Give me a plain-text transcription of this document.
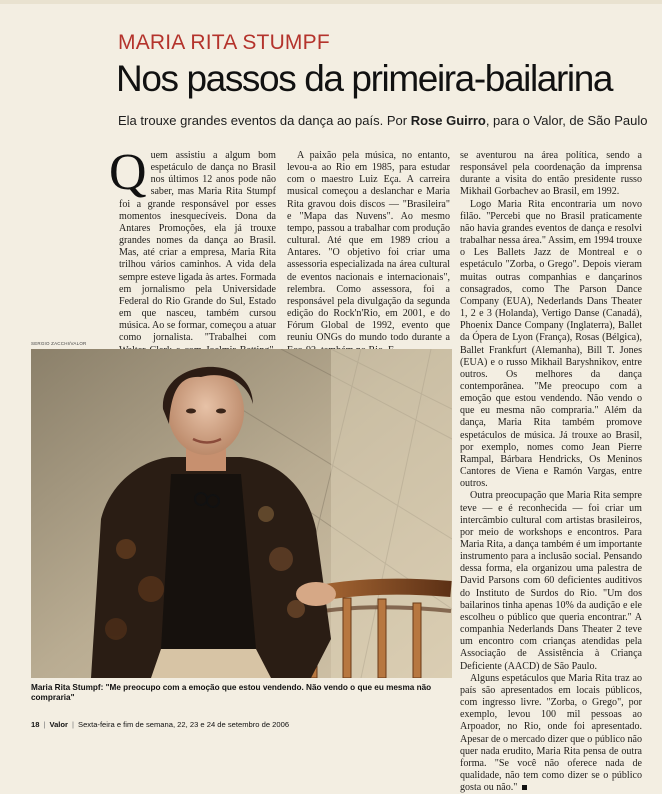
MARIA RITA STUMPF
Nos passos da primeira-bailarina
Ela trouxe grandes eventos da dança ao país. Por Rose Guirro, para o Valor, de São Paulo

Quem assistiu a algum bom espetáculo de dança no Brasil nos últimos 12 anos pode não saber, mas Maria Rita Stumpf foi a grande responsável por esses momentos inesquecíveis. Dona da Antares Promoções, ela já trouxe grandes nomes da dança ao Brasil. Mas, até criar a empresa, Maria Rita trilhou vários caminhos. A vida dela sempre esteve ligada às artes. Formada em jornalismo pela Universidade Federal do Rio Grande do Sul, Estado em que nasceu, também cursou música. Ao se formar, começou a atuar como jornalista. "Trabalhei com

A paixão pela música, no entanto, levou-a ao Rio em 1985, para estudar com o maestro Luiz Eça. A carreira musical começou a deslanchar e Maria Rita gravou dois discos — "Brasileira" e "Mapa das Nuvens". Ao mesmo tempo, passou a trabalhar com produção cultural. Até que em 1989 criou a Antares. "O objetivo foi criar uma assessoria especializada na área cultural de eventos nacionais e internacionais", relembra. Como assessora, foi a responsável pela divulgação da segunda edição do Rock'n'Rio, em 2001, e do Fórum Global de 1992, evento que reuniu ONGs do mundo todo durante a

se aventurou na área política, sendo a responsável pela coordenação da imprensa durante a visita do então presidente russo Mikhail Gorbachev ao Brasil, em 1992.

Logo Maria Rita encontraria um novo filão. "Percebi que no Brasil praticamente não havia grandes eventos de dança e resolvi trabalhar nessa área." Assim, em 1994 trouxe o Les Ballets Jazz de Montreal e o espetáculo "Zorba, o Grego". Depois vieram muitas outras companhias e dançarinos consagrados, como The Parson Dance Company (EUA), Nederlands Dans Theater 1, 2 e 3 (Holanda), Vertigo Danse (Canadá), Phoenix Dance Company (Inglaterra), Ballet da Ópera de Lyon (França), Rosas (Bélgica), Ballet Frankfurt (Alemanha), Bill T. Jones (EUA) e o russo Mikhail Baryshnikov, entre outros. Os melhores da dança contemporânea. "Me preocupo com a emoção que estou vendendo. Não vendo o que eu mesma não compraria." Além da dança, Maria Rita também promove espetáculos de música. Já trouxe ao Brasil, por exemplo, nomes como Jean Pierre Rampal, Bárbara Hendricks, Os Meninos Cantores de Viena e Ramón Vargas, entre outros.

Outra preocupação que Maria Rita sempre teve — e é reconhecida — foi criar um intercâmbio cultural com artistas brasileiros, por meio de workshops e encontros. Para Maria Rita, a dança também é um importante instrumento para a inclusão social. Pensando dessa forma, ela organizou uma palestra de David Parsons com 60 deficientes auditivos do Instituto de Surdos do Rio. "Um dos bailarinos tinha apenas 10% da audição e ele escolheu o público que queria encontrar." A companhia Nederlands Dans Theater 2 teve um encontro com crianças atendidas pela Associação de Assistência à Criança Deficiente (AACD) de São Paulo.

Alguns espetáculos que Maria Rita traz ao país são apresentados em locais públicos, com ingresso livre. "Zorba, o Grego", por exemplo, levou 100 mil pessoas ao Arpoador, no Rio, onde foi apresentado. Apesar de o mercado dizer que o público não quer nada erudito, Maria Rita pensa de outra forma. "Se você não oferece nada de qualidade, não tem como dizer se o público gosta ou não."

SERGIO ZACCHI/VALOR
Maria Rita Stumpf: "Me preocupo com a emoção que estou vendendo. Não vendo o que eu mesma não compraria"
18 | Valor | Sexta-feira e fim de semana, 22, 23 e 24 de setembro de 2006
